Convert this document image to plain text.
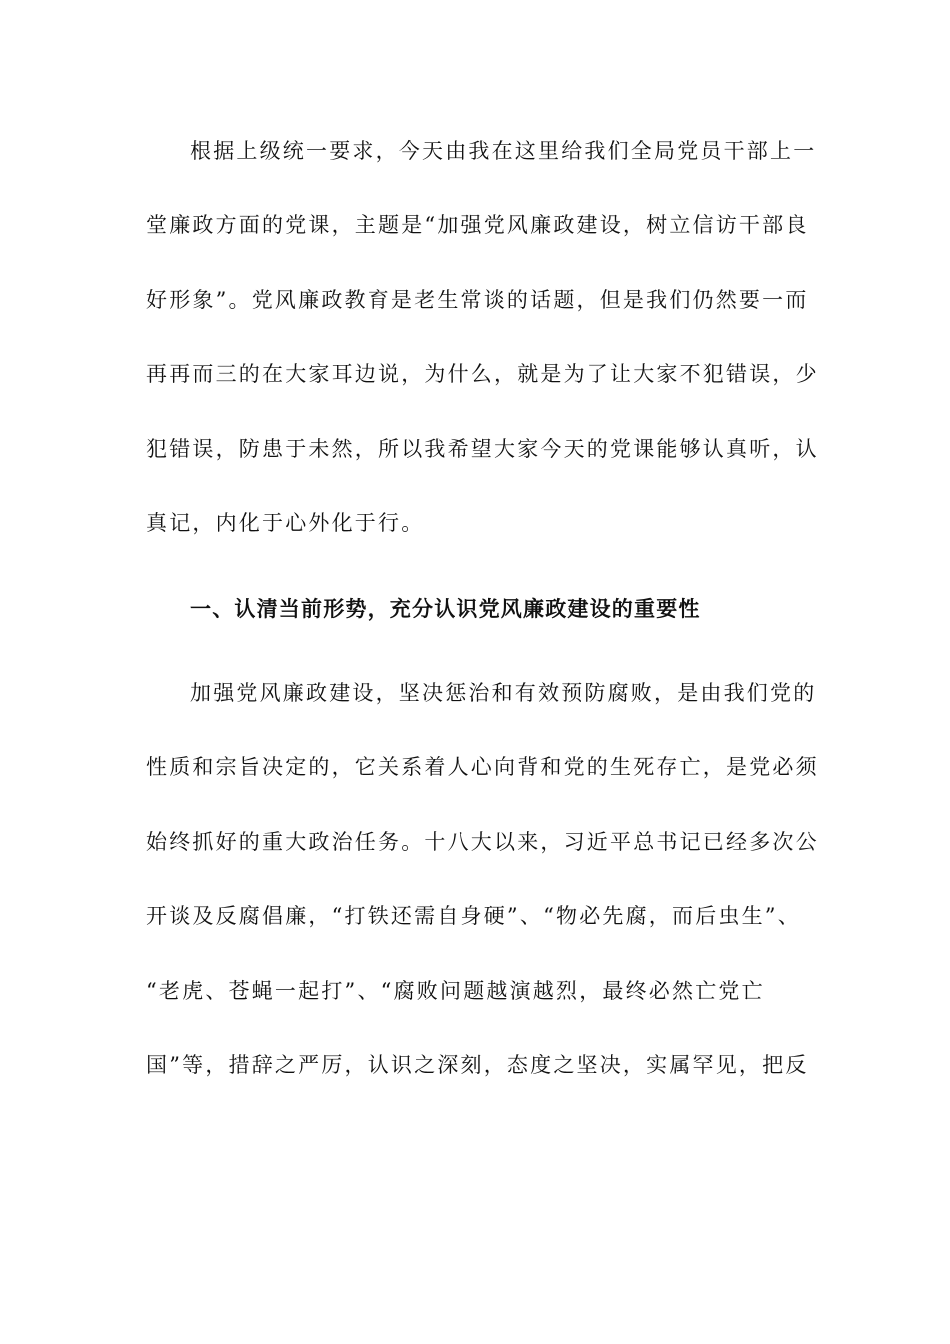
根据上级统一要求，今天由我在这里给我们全局党员干部上一
堂廉政方面的党课，主题是“加强党风廉政建设，树立信访干部良
好形象”。党风廉政教育是老生常谈的话题，但是我们仍然要一而
再再而三的在大家耳边说，为什么，就是为了让大家不犯错误，少
犯错误，防患于未然，所以我希望大家今天的党课能够认真听，认
真记，内化于心外化于行。
一、认清当前形势，充分认识党风廉政建设的重要性
加强党风廉政建设，坚决惩治和有效预防腐败，是由我们党的
性质和宗旨决定的，它关系着人心向背和党的生死存亡，是党必须
始终抓好的重大政治任务。十八大以来，习近平总书记已经多次公
开谈及反腐倡廉，“打铁还需自身硬”、“物必先腐，而后虫生”、
“老虎、苍蝇一起打”、“腐败问题越演越烈，最终必然亡党亡
国”等，措辞之严厉，认识之深刻，态度之坚决，实属罕见，把反
